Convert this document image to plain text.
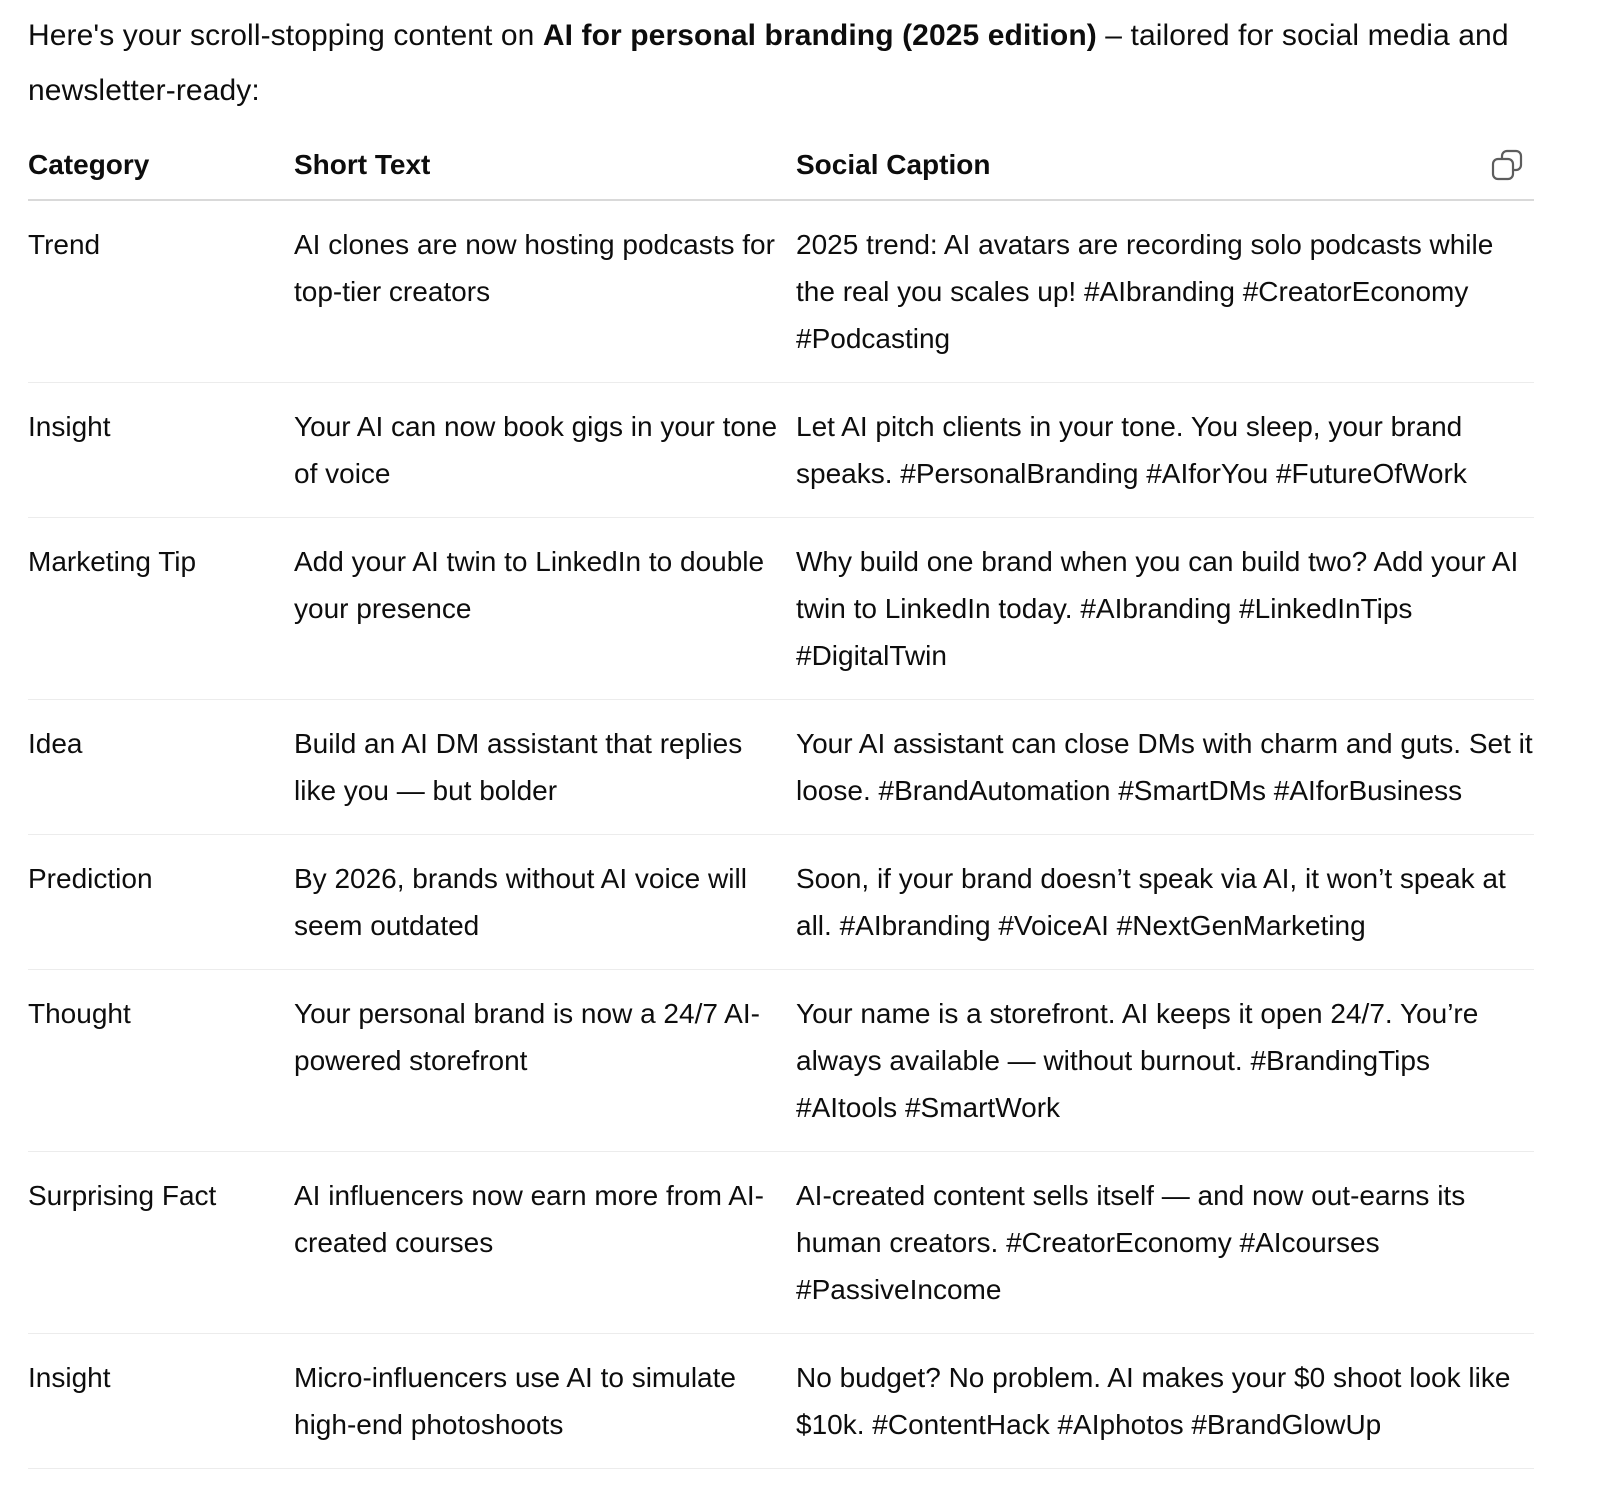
Here's your scroll-stopping content on AI for personal branding (2025 edition) – tailored for social media and newsletter-ready:

Category	Short Text	Social Caption
Trend	AI clones are now hosting podcasts for top-tier creators	2025 trend: AI avatars are recording solo podcasts while the real you scales up! #AIbranding #CreatorEconomy #Podcasting
Insight	Your AI can now book gigs in your tone of voice	Let AI pitch clients in your tone. You sleep, your brand speaks. #PersonalBranding #AIforYou #FutureOfWork
Marketing Tip	Add your AI twin to LinkedIn to double your presence	Why build one brand when you can build two? Add your AI twin to LinkedIn today. #AIbranding #LinkedInTips #DigitalTwin
Idea	Build an AI DM assistant that replies like you — but bolder	Your AI assistant can close DMs with charm and guts. Set it loose. #BrandAutomation #SmartDMs #AIforBusiness
Prediction	By 2026, brands without AI voice will seem outdated	Soon, if your brand doesn’t speak via AI, it won’t speak at all. #AIbranding #VoiceAI #NextGenMarketing
Thought	Your personal brand is now a 24/7 AI-powered storefront	Your name is a storefront. AI keeps it open 24/7. You’re always available — without burnout. #BrandingTips #AItools #SmartWork
Surprising Fact	AI influencers now earn more from AI-created courses	AI-created content sells itself — and now out-earns its human creators. #CreatorEconomy #AIcourses #PassiveIncome
Insight	Micro-influencers use AI to simulate high-end photoshoots	No budget? No problem. AI makes your $0 shoot look like $10k. #ContentHack #AIphotos #BrandGlowUp
